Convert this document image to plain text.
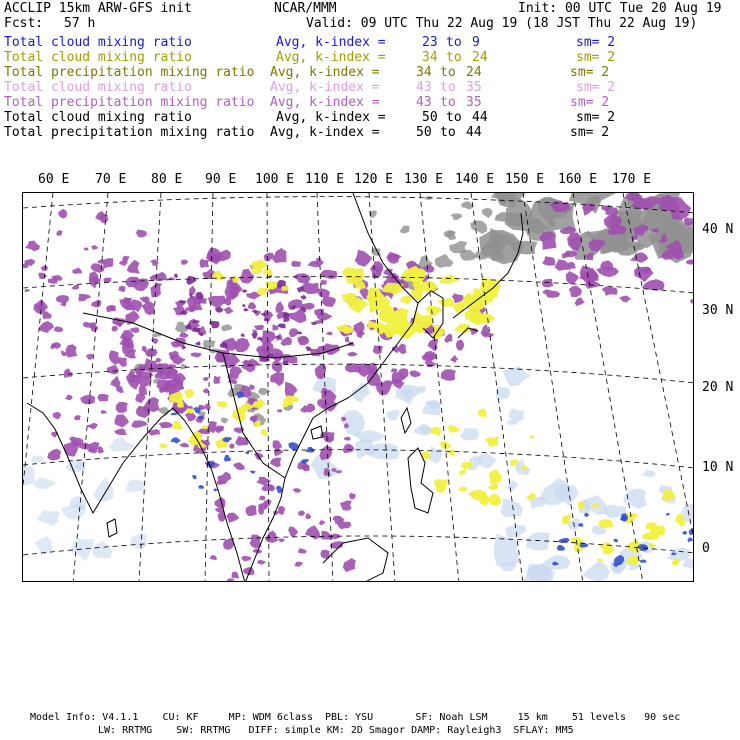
ACCLIP 15km ARW-GFS init	NCAR/MMM	Init: 00 UTC Tue 20 Aug 19
Fcst: 57 h	Valid: 09 UTC Thu 22 Aug 19 (18 JST Thu 22 Aug 19)
Total cloud mixing ratio	Avg, k-index =	23 to 9	sm= 2
Total cloud mixing ratio	Avg, k-index =	34 to 24	sm= 2
Total precipitation mixing ratio Avg, k-index =	34 to 24	sm= 2
Total cloud mixing ratio	Avg, k-index =	43 to 35	sm= 2
Total precipitation mixing ratio Avg, k-index =	43 to 35	sm= 2
Total cloud mixing ratio	Avg, k-index =	50 to 44	sm= 2
Total precipitation mixing ratio Avg, k-index =	50 to 44	sm= 2
60 E 70 E 80 E 90 E 100 E 110 E 120 E 130 E 140 E 150 E 160 E 170 E
40 N
30 N
20 N
10 N
0
Model Info: V4.1.1    CU: KF     MP: WDM 6class  PBL: YSU       SF: Noah LSM     15 km    51 levels   90 sec
LW: RRTMG    SW: RRTMG   DIFF: simple KM: 2D Smagor DAMP: Rayleigh3  SFLAY: MM5
